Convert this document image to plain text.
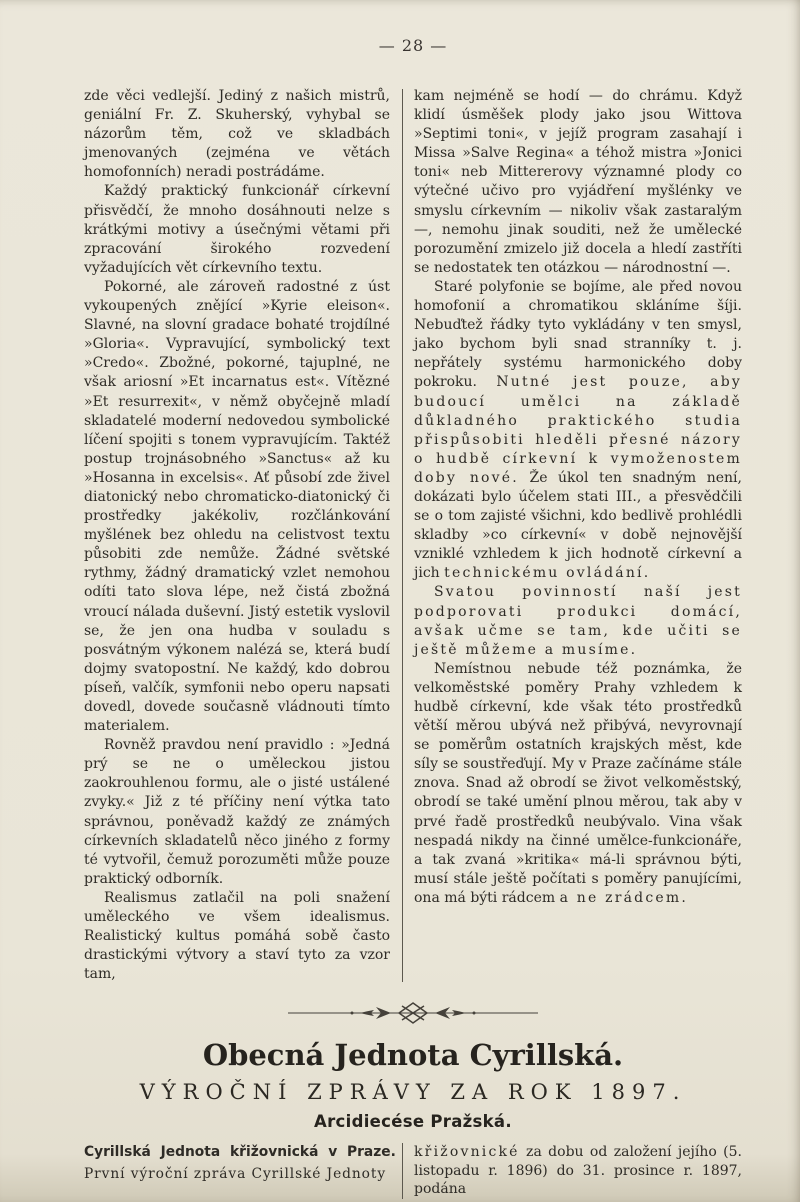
— 28 —

zde věci vedlejší. Jediný z našich mistrů, geniální Fr. Z. Skuherský, vyhybal se názorům těm, což ve skladbách jmenovaných (zejména ve větách homofonních) neradi postrádáme.

Každý praktický funkcionář církevní přisvědčí, že mnoho dosáhnouti nelze s krátkými motivy a úsečnými větami při zpracování širokého rozvedení vyžadujících vět církevního textu.

Pokorné, ale zároveň radostné z úst vykoupených znějící »Kyrie eleison«. Slavné, na slovní gradace bohaté trojdílné »Gloria«. Vypravující, symbolický text »Credo«. Zbožné, pokorné, tajuplné, ne však ariosní »Et incarnatus est«. Vítězné »Et resurrexit«, v němž obyčejně mladí skladatelé moderní nedovedou symbolické líčení spojiti s tonem vypravujícím. Taktéž postup trojnásobného »Sanctus« až ku »Hosanna in excelsis«. Ať působí zde živel diatonický nebo chromaticko-diatonický či prostředky jakékoliv, rozčlánkování myšlének bez ohledu na celistvost textu působiti zde nemůže. Žádné světské rythmy, žádný dramatický vzlet nemohou odíti tato slova lépe, než čistá zbožná vroucí nálada duševní. Jistý estetik vyslovil se, že jen ona hudba v souladu s posvátným výkonem nalézá se, která budí dojmy svatopostní. Ne každý, kdo dobrou píseň, valčík, symfonii nebo operu napsati dovedl, dovede současně vládnouti tímto materialem.

Rovněž pravdou není pravidlo : »Jedná prý se ne o uměleckou jistou zaokrouhlenou formu, ale o jisté ustálené zvyky.« Již z té příčiny není výtka tato správnou, poněvadž každý ze známých církevních skladatelů něco jiného z formy té vytvořil, čemuž porozuměti může pouze praktický odborník.

Realismus zatlačil na poli snažení uměleckého ve všem idealismus. Realistický kultus pomáhá sobě často drastickými výtvory a staví tyto za vzor tam,

kam nejméně se hodí — do chrámu. Když klidí úsměšek plody jako jsou Wittova »Septimi toni«, v jejíž program zasahají i Missa »Salve Regina« a téhož mistra »Jonici toni« neb Mittererovy významné plody co výtečné učivo pro vyjádření myšlénky ve smyslu církevním — nikoliv však zastaralým —, nemohu jinak souditi, než že umělecké porozumění zmizelo již docela a hledí zastříti se nedostatek ten otázkou — národnostní —.

Staré polyfonie se bojíme, ale před novou homofonií a chromatikou skláníme šíji. Nebuďtež řádky tyto vykládány v ten smysl, jako bychom byli snad stranníky t. j. nepřátely systému harmonického doby pokroku. Nutné jest pouze, aby budoucí umělci na základě důkladného praktického studia přispůsobiti hleděli přesné názory o hudbě církevní k vymoženostem doby nové. Že úkol ten snadným není, dokázati bylo účelem stati III., a přesvědčili se o tom zajisté všichni, kdo bedlivě prohlédli skladby »co církevní« v době nejnovější vzniklé vzhledem k jich hodnotě církevní a jich technickému ovládání.

Svatou povinností naší jest podporovati produkci domácí, avšak učme se tam, kde učiti se ještě můžeme a musíme.

Nemístnou nebude též poznámka, že velkoměstské poměry Prahy vzhledem k hudbě církevní, kde však této prostředků větší měrou ubývá než přibývá, nevyrovnají se poměrům ostatních krajských měst, kde síly se soustřeďují. My v Praze začínáme stále znova. Snad až obrodí se život velkoměstský, obrodí se také umění plnou měrou, tak aby v prvé řadě prostředků neubývalo. Vina však nespadá nikdy na činné umělce-funkcionáře, a tak zvaná »kritika« má-li správnou býti, musí stále ještě počítati s poměry panujícími, ona má býti rádcem a ne zrádcem.

Obecná Jednota Cyrillská.
VÝROČNÍ ZPRÁVY ZA ROK 1897.
Arcidiecése Pražská.
Cyrillská Jednota křižovnická v Praze.
První výroční zpráva Cyrillské Jednoty

křižovnické za dobu od založení jejího (5. listopadu r. 1896) do 31. prosince r. 1897, podána
